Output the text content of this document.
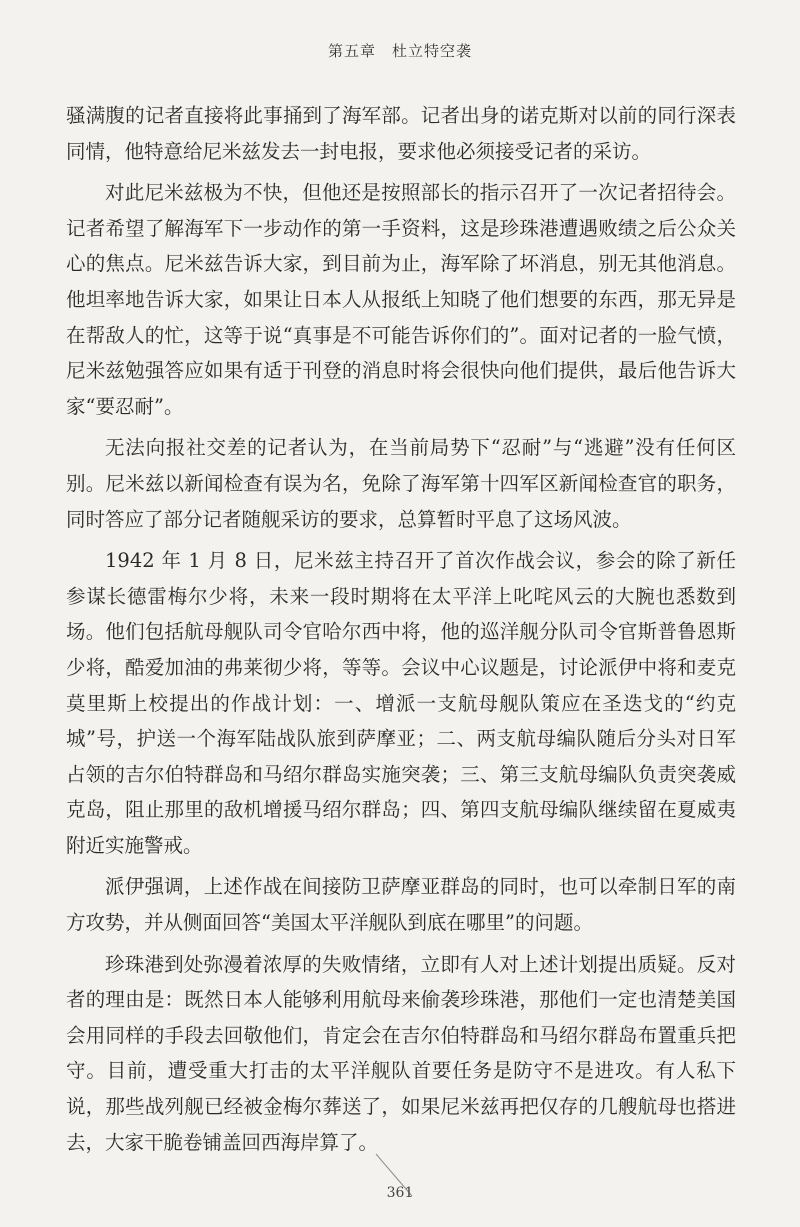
第五章　杜立特空袭

骚满腹的记者直接将此事捅到了海军部。记者出身的诺克斯对以前的同行深表同情，他特意给尼米兹发去一封电报，要求他必须接受记者的采访。

对此尼米兹极为不快，但他还是按照部长的指示召开了一次记者招待会。记者希望了解海军下一步动作的第一手资料，这是珍珠港遭遇败绩之后公众关心的焦点。尼米兹告诉大家，到目前为止，海军除了坏消息，别无其他消息。他坦率地告诉大家，如果让日本人从报纸上知晓了他们想要的东西，那无异是在帮敌人的忙，这等于说“真事是不可能告诉你们的”。面对记者的一脸气愤，尼米兹勉强答应如果有适于刊登的消息时将会很快向他们提供，最后他告诉大家“要忍耐”。

无法向报社交差的记者认为，在当前局势下“忍耐”与“逃避”没有任何区别。尼米兹以新闻检查有误为名，免除了海军第十四军区新闻检查官的职务，同时答应了部分记者随舰采访的要求，总算暂时平息了这场风波。

1942 年 1 月 8 日，尼米兹主持召开了首次作战会议，参会的除了新任参谋长德雷梅尔少将，未来一段时期将在太平洋上叱咤风云的大腕也悉数到场。他们包括航母舰队司令官哈尔西中将，他的巡洋舰分队司令官斯普鲁恩斯少将，酷爱加油的弗莱彻少将，等等。会议中心议题是，讨论派伊中将和麦克莫里斯上校提出的作战计划：一、增派一支航母舰队策应在圣迭戈的“约克城”号，护送一个海军陆战队旅到萨摩亚；二、两支航母编队随后分头对日军占领的吉尔伯特群岛和马绍尔群岛实施突袭；三、第三支航母编队负责突袭威克岛，阻止那里的敌机增援马绍尔群岛；四、第四支航母编队继续留在夏威夷附近实施警戒。

派伊强调，上述作战在间接防卫萨摩亚群岛的同时，也可以牵制日军的南方攻势，并从侧面回答“美国太平洋舰队到底在哪里”的问题。

珍珠港到处弥漫着浓厚的失败情绪，立即有人对上述计划提出质疑。反对者的理由是：既然日本人能够利用航母来偷袭珍珠港，那他们一定也清楚美国会用同样的手段去回敬他们，肯定会在吉尔伯特群岛和马绍尔群岛布置重兵把守。目前，遭受重大打击的太平洋舰队首要任务是防守不是进攻。有人私下说，那些战列舰已经被金梅尔葬送了，如果尼米兹再把仅存的几艘航母也搭进去，大家干脆卷铺盖回西海岸算了。

361
